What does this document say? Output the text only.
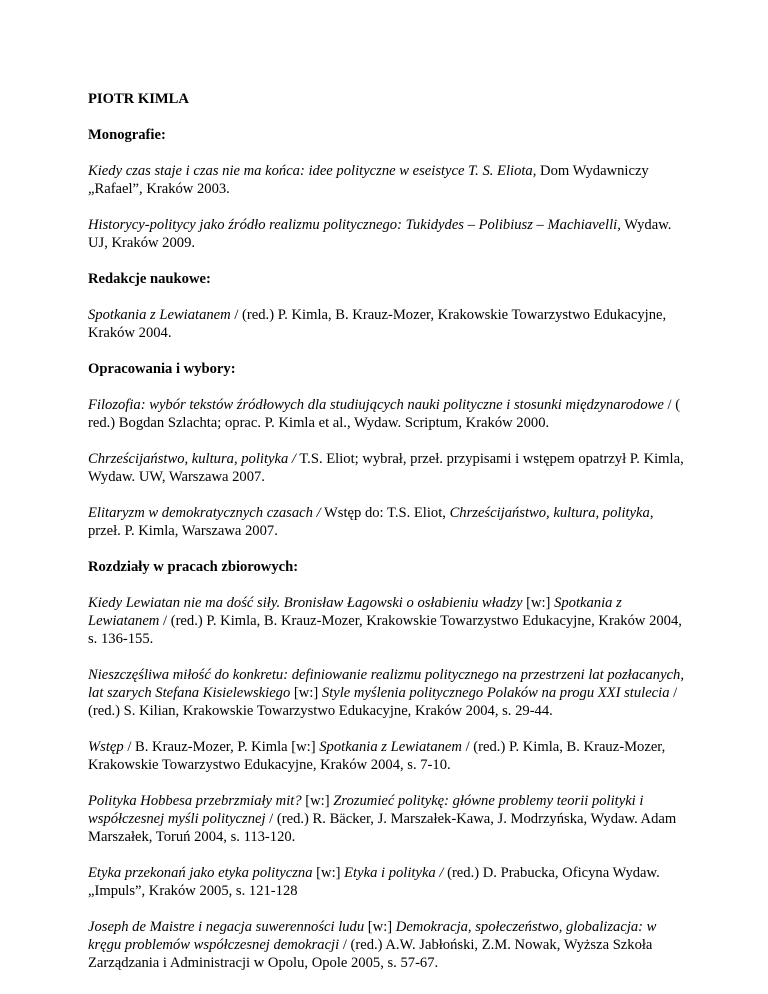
PIOTR KIMLA
Monografie:
Kiedy czas staje i czas nie ma końca: idee polityczne w eseistyce T. S. Eliota, Dom Wydawniczy „Rafael”, Kraków 2003.
Historycy-politycy jako źródło realizmu politycznego: Tukidydes – Polibiusz – Machiavelli, Wydaw. UJ, Kraków 2009.
Redakcje naukowe:
Spotkania z Lewiatanem / (red.) P. Kimla, B. Krauz-Mozer, Krakowskie Towarzystwo Edukacyjne, Kraków 2004.
Opracowania i wybory:
Filozofia: wybór tekstów źródłowych dla studiujących nauki polityczne i stosunki międzynarodowe / ( red.) Bogdan Szlachta; oprac. P. Kimla et al., Wydaw. Scriptum, Kraków 2000.
Chrześcijaństwo, kultura, polityka / T.S. Eliot; wybrał, przeł. przypisami i wstępem opatrzył P. Kimla, Wydaw. UW, Warszawa 2007.
Elitaryzm w demokratycznych czasach / Wstęp do: T.S. Eliot, Chrześcijaństwo, kultura, polityka, przeł. P. Kimla, Warszawa 2007.
Rozdziały w pracach zbiorowych:
Kiedy Lewiatan nie ma dość siły. Bronisław Łagowski o osłabieniu władzy [w:] Spotkania z Lewiatanem / (red.) P. Kimla, B. Krauz-Mozer, Krakowskie Towarzystwo Edukacyjne, Kraków 2004, s. 136-155.
Nieszczęśliwa miłość do konkretu: definiowanie realizmu politycznego na przestrzeni lat pozłacanych, lat szarych Stefana Kisielewskiego [w:] Style myślenia politycznego Polaków na progu XXI stulecia / (red.) S. Kilian, Krakowskie Towarzystwo Edukacyjne, Kraków 2004, s. 29-44.
Wstęp / B. Krauz-Mozer, P. Kimla [w:] Spotkania z Lewiatanem / (red.) P. Kimla, B. Krauz-Mozer, Krakowskie Towarzystwo Edukacyjne, Kraków 2004, s. 7-10.
Polityka Hobbesa przebrzmiały mit? [w:] Zrozumieć politykę: główne problemy teorii polityki i współczesnej myśli politycznej / (red.) R. Bäcker, J. Marszałek-Kawa, J. Modrzyńska, Wydaw. Adam Marszałek, Toruń 2004, s. 113-120.
Etyka przekonań jako etyka polityczna [w:] Etyka i polityka / (red.) D. Prabucka, Oficyna Wydaw. „Impuls”, Kraków 2005, s. 121-128
Joseph de Maistre i negacja suwerenności ludu [w:] Demokracja, społeczeństwo, globalizacja: w kręgu problemów współczesnej demokracji / (red.) A.W. Jabłoński, Z.M. Nowak, Wyższa Szkoła Zarządzania i Administracji w Opolu, Opole 2005, s. 57-67.
